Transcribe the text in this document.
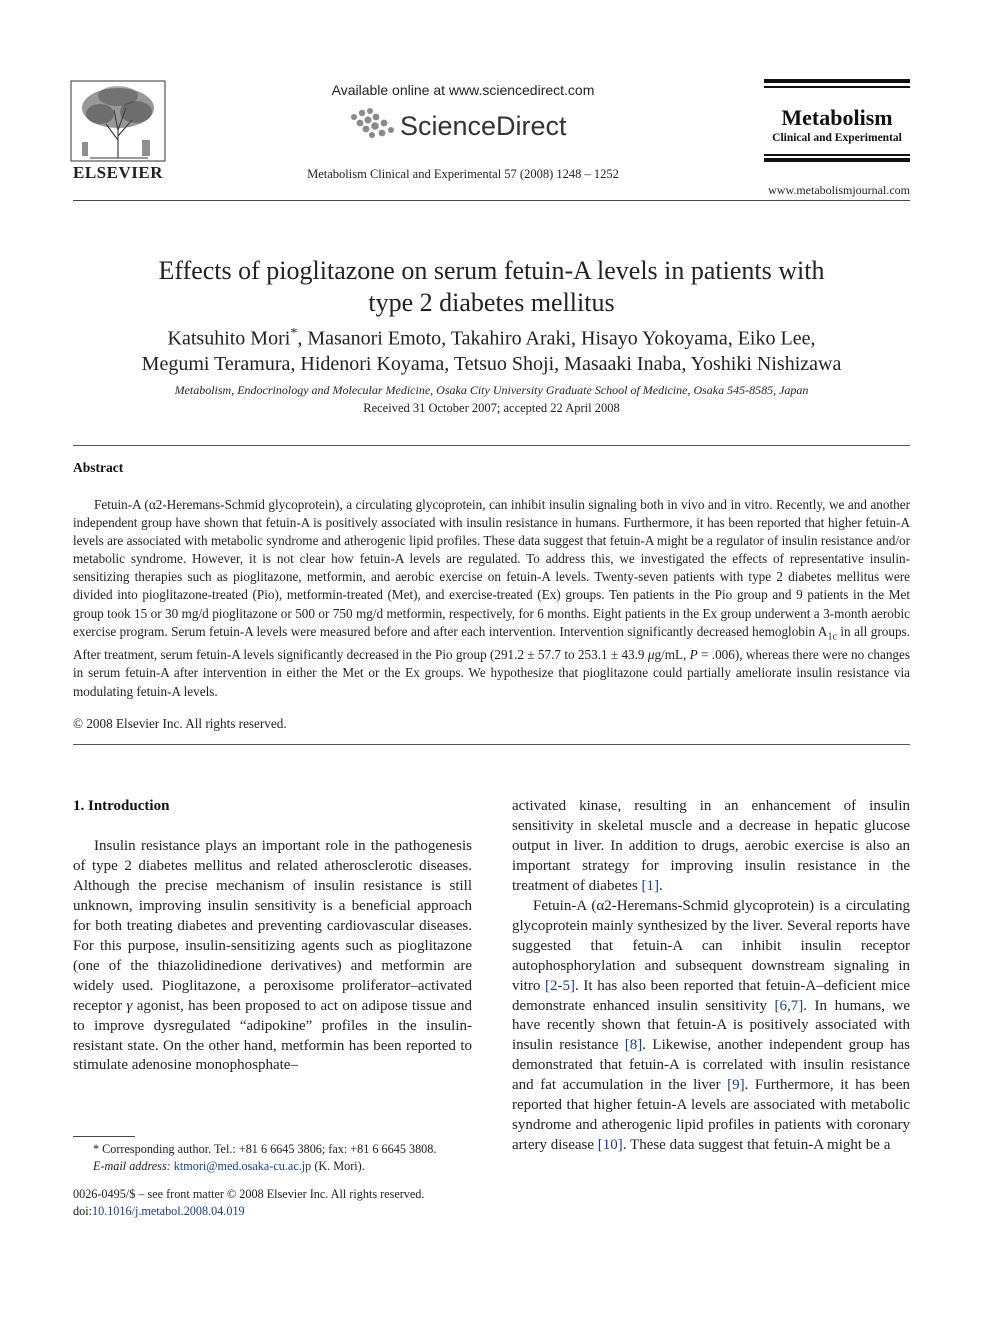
ELSEVIER
Available online at www.sciencedirect.com
ScienceDirect
Metabolism Clinical and Experimental 57 (2008) 1248 – 1252
Metabolism
Clinical and Experimental
www.metabolismjournal.com
Effects of pioglitazone on serum fetuin-A levels in patients with
type 2 diabetes mellitus
Katsuhito Mori*, Masanori Emoto, Takahiro Araki, Hisayo Yokoyama, Eiko Lee,
Megumi Teramura, Hidenori Koyama, Tetsuo Shoji, Masaaki Inaba, Yoshiki Nishizawa
Metabolism, Endocrinology and Molecular Medicine, Osaka City University Graduate School of Medicine, Osaka 545-8585, Japan
Received 31 October 2007; accepted 22 April 2008
Abstract

Fetuin-A (α2-Heremans-Schmid glycoprotein), a circulating glycoprotein, can inhibit insulin signaling both in vivo and in vitro. Recently, we and another independent group have shown that fetuin-A is positively associated with insulin resistance in humans. Furthermore, it has been reported that higher fetuin-A levels are associated with metabolic syndrome and atherogenic lipid profiles. These data suggest that fetuin-A might be a regulator of insulin resistance and/or metabolic syndrome. However, it is not clear how fetuin-A levels are regulated. To address this, we investigated the effects of representative insulin-sensitizing therapies such as pioglitazone, metformin, and aerobic exercise on fetuin-A levels. Twenty-seven patients with type 2 diabetes mellitus were divided into pioglitazone-treated (Pio), metformin-treated (Met), and exercise-treated (Ex) groups. Ten patients in the Pio group and 9 patients in the Met group took 15 or 30 mg/d pioglitazone or 500 or 750 mg/d metformin, respectively, for 6 months. Eight patients in the Ex group underwent a 3-month aerobic exercise program. Serum fetuin-A levels were measured before and after each intervention. Intervention significantly decreased hemoglobin $A_{1c}$ in all groups. After treatment, serum fetuin-A levels significantly decreased in the Pio group (291.2 ± 57.7 to 253.1 ± 43.9 μg/mL, P = .006), whereas there were no changes in serum fetuin-A after intervention in either the Met or the Ex groups. We hypothesize that pioglitazone could partially ameliorate insulin resistance via modulating fetuin-A levels.

© 2008 Elsevier Inc. All rights reserved.
1. Introduction

Insulin resistance plays an important role in the pathogenesis of type 2 diabetes mellitus and related atherosclerotic diseases. Although the precise mechanism of insulin resistance is still unknown, improving insulin sensitivity is a beneficial approach for both treating diabetes and preventing cardiovascular diseases. For this purpose, insulin-sensitizing agents such as pioglitazone (one of the thiazolidinedione derivatives) and metformin are widely used. Pioglitazone, a peroxisome proliferator–activated receptor γ agonist, has been proposed to act on adipose tissue and to improve dysregulated “adipokine” profiles in the insulin-resistant state. On the other hand, metformin has been reported to stimulate adenosine monophosphate–

activated kinase, resulting in an enhancement of insulin sensitivity in skeletal muscle and a decrease in hepatic glucose output in liver. In addition to drugs, aerobic exercise is also an important strategy for improving insulin resistance in the treatment of diabetes [1].

Fetuin-A (α2-Heremans-Schmid glycoprotein) is a circulating glycoprotein mainly synthesized by the liver. Several reports have suggested that fetuin-A can inhibit insulin receptor autophosphorylation and subsequent downstream signaling in vitro [2-5]. It has also been reported that fetuin-A–deficient mice demonstrate enhanced insulin sensitivity [6,7]. In humans, we have recently shown that fetuin-A is positively associated with insulin resistance [8]. Likewise, another independent group has demonstrated that fetuin-A is correlated with insulin resistance and fat accumulation in the liver [9]. Furthermore, it has been reported that higher fetuin-A levels are associated with metabolic syndrome and atherogenic lipid profiles in patients with coronary artery disease [10]. These data suggest that fetuin-A might be a

* Corresponding author. Tel.: +81 6 6645 3806; fax: +81 6 6645 3808.
E-mail address: ktmori@med.osaka-cu.ac.jp (K. Mori).
0026-0495/$ – see front matter © 2008 Elsevier Inc. All rights reserved.
doi:10.1016/j.metabol.2008.04.019
